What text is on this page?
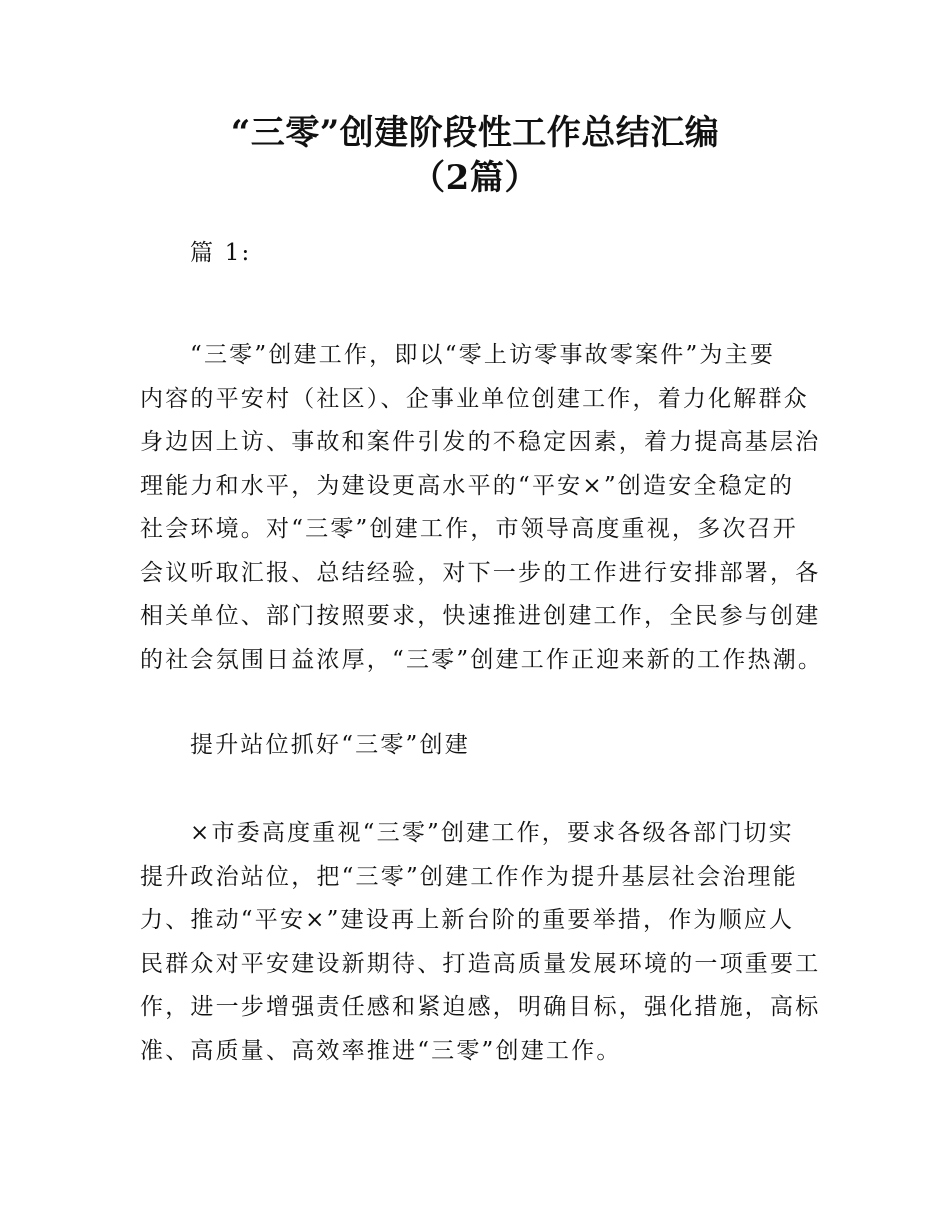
“三零”创建阶段性工作总结汇编
（2篇）

篇 1:

“三零”创建工作，即以“零上访零事故零案件”为主要
内容的平安村（社区）、企事业单位创建工作，着力化解群众
身边因上访、事故和案件引发的不稳定因素，着力提高基层治
理能力和水平，为建设更高水平的“平安×”创造安全稳定的
社会环境。对“三零”创建工作，市领导高度重视，多次召开
会议听取汇报、总结经验，对下一步的工作进行安排部署，各
相关单位、部门按照要求，快速推进创建工作，全民参与创建
的社会氛围日益浓厚，“三零”创建工作正迎来新的工作热潮。

提升站位抓好“三零”创建

×市委高度重视“三零”创建工作，要求各级各部门切实
提升政治站位，把“三零”创建工作作为提升基层社会治理能
力、推动“平安×”建设再上新台阶的重要举措，作为顺应人
民群众对平安建设新期待、打造高质量发展环境的一项重要工
作，进一步增强责任感和紧迫感，明确目标，强化措施，高标
准、高质量、高效率推进“三零”创建工作。
